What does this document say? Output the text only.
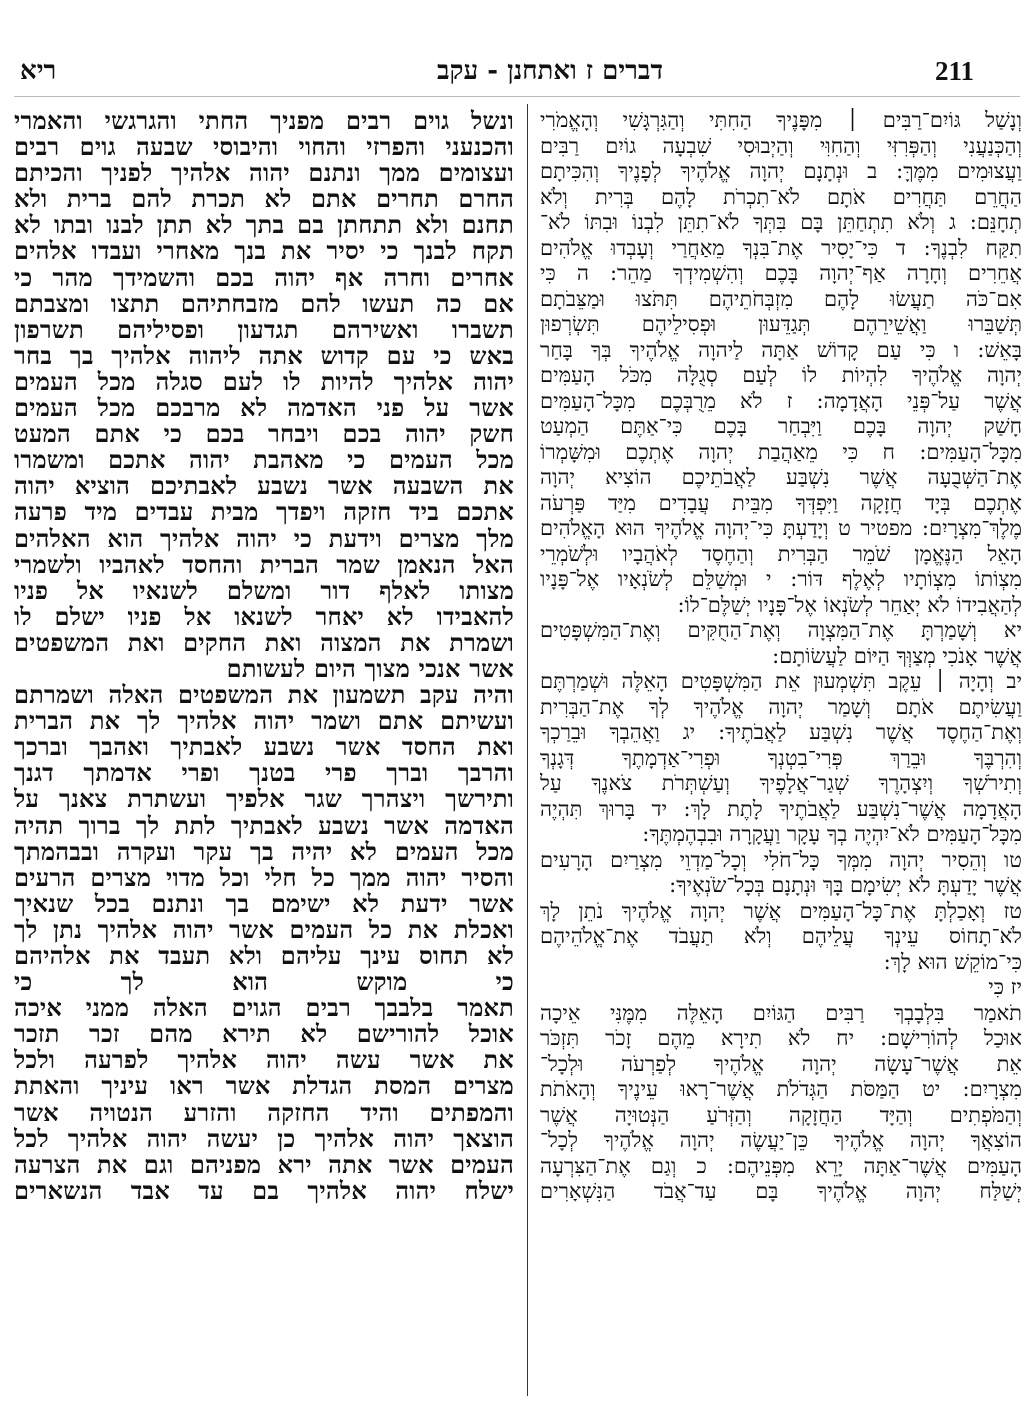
211
דברים ז ואתחנן - עקב
ריא
וְנָשַׁל גּוֹיִם־רַבִּים ׀ מִפָּנֶיךָ הַחִתִּי וְהַגִּרְגָּשִׁי וְהָאֱמֹרִי
וְהַכְּנַעֲנִי וְהַפְּרִזִּי וְהַחִוִּי וְהַיְבוּסִי שִׁבְעָה גוֹיִם רַבִּים
וַעֲצוּמִים מִמֶּךָּ: ב וּנְתָנָם יְהוָה אֱלֹהֶיךָ לְפָנֶיךָ וְהִכִּיתָם
הַחֲרֵם תַּחֲרִים אֹתָם לֹא־תִכְרֹת לָהֶם בְּרִית וְלֹא
תְחָנֵּם: ג וְלֹא תִתְחַתֵּן בָּם בִּתְּךָ לֹא־תִתֵּן לִבְנוֹ וּבִתּוֹ לֹא־
תִקַּח לִבְנֶךָ: ד כִּי־יָסִיר אֶת־בִּנְךָ מֵאַחֲרַי וְעָבְדוּ אֱלֹהִים
אֲחֵרִים וְחָרָה אַף־יְהוָה בָּכֶם וְהִשְׁמִידְךָ מַהֵר: ה כִּי
אִם־כֹּה תַעֲשׂוּ לָהֶם מִזְבְּחֹתֵיהֶם תִּתֹּצוּ וּמַצֵּבֹתָם
תְּשַׁבֵּרוּ וַאֲשֵׁירֵהֶם תְּגַדֵּעוּן וּפְסִילֵיהֶם תִּשְׂרְפוּן
בָּאֵשׁ: ו כִּי עַם קָדוֹשׁ אַתָּה לַיהוָה אֱלֹהֶיךָ בְּךָ בָּחַר
יְהוָה אֱלֹהֶיךָ לִהְיוֹת לוֹ לְעַם סְגֻלָּה מִכֹּל הָעַמִּים
אֲשֶׁר עַל־פְּנֵי הָאֲדָמָה: ז לֹא מֵרֻבְּכֶם מִכָּל־הָעַמִּים
חָשַׁק יְהוָה בָּכֶם וַיִּבְחַר בָּכֶם כִּי־אַתֶּם הַמְעַט
מִכָּל־הָעַמִּים: ח כִּי מֵאַהֲבַת יְהוָה אֶתְכֶם וּמִשָּׁמְרוֹ
אֶת־הַשְּׁבֻעָה אֲשֶׁר נִשְׁבַּע לַאֲבֹתֵיכֶם הוֹצִיא יְהוָה
אֶתְכֶם בְּיָד חֲזָקָה וַיִּפְדְּךָ מִבֵּית עֲבָדִים מִיַּד פַּרְעֹה
מֶלֶךְ־מִצְרָיִם: מפטיר ט וְיָדַעְתָּ כִּי־יְהוָה אֱלֹהֶיךָ הוּא הָאֱלֹהִים
הָאֵל הַנֶּאֱמָן שֹׁמֵר הַבְּרִית וְהַחֶסֶד לְאֹהֲבָיו וּלְשֹׁמְרֵי
מִצְוֹתוֹ מִצְוֹתָיו לְאֶלֶף דּוֹר: י וּמְשַׁלֵּם לְשֹׂנְאָיו אֶל־פָּנָיו
לְהַאֲבִידוֹ לֹא יְאַחֵר לְשֹׂנְאוֹ אֶל־פָּנָיו יְשַׁלֶּם־לוֹ:
יא וְשָׁמַרְתָּ אֶת־הַמִּצְוָה וְאֶת־הַחֻקִּים וְאֶת־הַמִּשְׁפָּטִים
אֲשֶׁר אָנֹכִי מְצַוְּךָ הַיּוֹם לַעֲשׂוֹתָם:
יב וְהָיָה ׀ עֵקֶב תִּשְׁמְעוּן אֵת הַמִּשְׁפָּטִים הָאֵלֶּה וּשְׁמַרְתֶּם
וַעֲשִׂיתֶם אֹתָם וְשָׁמַר יְהוָה אֱלֹהֶיךָ לְךָ אֶת־הַבְּרִית
וְאֶת־הַחֶסֶד אֲשֶׁר נִשְׁבַּע לַאֲבֹתֶיךָ: יג וַאֲהֵבְךָ וּבֵרַכְךָ
וְהִרְבֶּךָ וּבֵרַךְ פְּרִי־בִטְנְךָ וּפְרִי־אַדְמָתֶךָ דְּגָנְךָ
וְתִירֹשְׁךָ וְיִצְהָרֶךָ שְׁגַר־אֲלָפֶיךָ וְעַשְׁתְּרֹת צֹאנֶךָ עַל
הָאֲדָמָה אֲשֶׁר־נִשְׁבַּע לַאֲבֹתֶיךָ לָתֶת לָךְ: יד בָּרוּךְ תִּהְיֶה
מִכָּל־הָעַמִּים לֹא־יִהְיֶה בְךָ עָקָר וַעֲקָרָה וּבִבְהֶמְתֶּךָ:
טו וְהֵסִיר יְהוָה מִמְּךָ כָּל־חֹלִי וְכָל־מַדְוֵי מִצְרַיִם הָרָעִים
אֲשֶׁר יָדַעְתָּ לֹא יְשִׂימָם בָּךְ וּנְתָנָם בְּכָל־שֹׂנְאֶיךָ:
טז וְאָכַלְתָּ אֶת־כָּל־הָעַמִּים אֲשֶׁר יְהוָה אֱלֹהֶיךָ נֹתֵן לָךְ
לֹא־תָחוֹס עֵינְךָ עֲלֵיהֶם וְלֹא תַעֲבֹד אֶת־אֱלֹהֵיהֶם
כִּי־מוֹקֵשׁ הוּא לָךְ:
יז כִּי
תֹאמַר בִּלְבָבְךָ רַבִּים הַגּוֹיִם הָאֵלֶּה מִמֶּנִּי אֵיכָה
אוּכַל לְהוֹרִישָׁם: יח לֹא תִירָא מֵהֶם זָכֹר תִּזְכֹּר
אֵת אֲשֶׁר־עָשָׂה יְהוָה אֱלֹהֶיךָ לְפַרְעֹה וּלְכָל־
מִצְרָיִם: יט הַמַּסֹּת הַגְּדֹלֹת אֲשֶׁר־רָאוּ עֵינֶיךָ וְהָאֹתֹת
וְהַמֹּפְתִים וְהַיָּד הַחֲזָקָה וְהַזְּרֹעַ הַנְּטוּיָה אֲשֶׁר
הוֹצִאֲךָ יְהוָה אֱלֹהֶיךָ כֵּן־יַעֲשֶׂה יְהוָה אֱלֹהֶיךָ לְכָל־
הָעַמִּים אֲשֶׁר־אַתָּה יָרֵא מִפְּנֵיהֶם: כ וְגַם אֶת־הַצִּרְעָה
יְשַׁלַּח יְהוָה אֱלֹהֶיךָ בָּם עַד־אֲבֹד הַנִּשְׁאָרִים
ונשל גוים רבים מפניך החתי והגרגשי והאמרי
והכנעני והפרזי והחוי והיבוסי שבעה גוים רבים
ועצומים ממך ונתנם יהוה אלהיך לפניך והכיתם
החרם תחרים אתם לא תכרת להם ברית ולא
תחנם ולא תתחתן בם בתך לא תתן לבנו ובתו לא
תקח לבנך כי יסיר את בנך מאחרי ועבדו אלהים
אחרים וחרה אף יהוה בכם והשמידך מהר כי
אם כה תעשו להם מזבחתיהם תתצו ומצבתם
תשברו ואשירהם תגדעון ופסיליהם תשרפון
באש כי עם קדוש אתה ליהוה אלהיך בך בחר
יהוה אלהיך להיות לו לעם סגלה מכל העמים
אשר על פני האדמה לא מרבכם מכל העמים
חשק יהוה בכם ויבחר בכם כי אתם המעט
מכל העמים כי מאהבת יהוה אתכם ומשמרו
את השבעה אשר נשבע לאבתיכם הוציא יהוה
אתכם ביד חזקה ויפדך מבית עבדים מיד פרעה
מלך מצרים וידעת כי יהוה אלהיך הוא האלהים
האל הנאמן שמר הברית והחסד לאהביו ולשמרי
מצותו לאלף דור ומשלם לשנאיו אל פניו
להאבידו לא יאחר לשנאו אל פניו ישלם לו
ושמרת את המצוה ואת החקים ואת המשפטים
אשר אנכי מצוך היום לעשותם
והיה עקב תשמעון את המשפטים האלה ושמרתם
ועשיתם אתם ושמר יהוה אלהיך לך את הברית
ואת החסד אשר נשבע לאבתיך ואהבך וברכך
והרבך וברך פרי בטנך ופרי אדמתך דגנך
ותירשך ויצהרך שגר אלפיך ועשתרת צאנך על
האדמה אשר נשבע לאבתיך לתת לך ברוך תהיה
מכל העמים לא יהיה בך עקר ועקרה ובבהמתך
והסיר יהוה ממך כל חלי וכל מדוי מצרים הרעים
אשר ידעת לא ישימם בך ונתנם בכל שנאיך
ואכלת את כל העמים אשר יהוה אלהיך נתן לך
לא תחוס עינך עליהם ולא תעבד את אלהיהם
כי מוקש הוא לך כי
תאמר בלבבך רבים הגוים האלה ממני איכה
אוכל להורישם לא תירא מהם זכר תזכר
את אשר עשה יהוה אלהיך לפרעה ולכל
מצרים המסת הגדלת אשר ראו עיניך והאתת
והמפתים והיד החזקה והזרע הנטויה אשר
הוצאך יהוה אלהיך כן יעשה יהוה אלהיך לכל
העמים אשר אתה ירא מפניהם וגם את הצרעה
ישלח יהוה אלהיך בם עד אבד הנשארים
